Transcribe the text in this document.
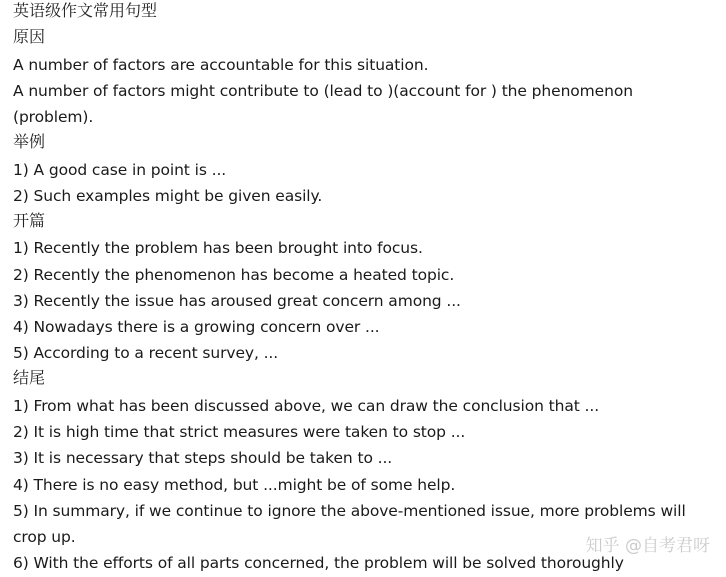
英语级作文常用句型
原因
A number of factors are accountable for this situation.
A number of factors might contribute to (lead to )(account for ) the phenomenon
(problem).
举例
1) A good case in point is ...
2) Such examples might be given easily.
开篇
1) Recently the problem has been brought into focus.
2) Recently the phenomenon has become a heated topic.
3) Recently the issue has aroused great concern among ...
4) Nowadays there is a growing concern over ...
5) According to a recent survey, ...
结尾
1) From what has been discussed above, we can draw the conclusion that ...
2) It is high time that strict measures were taken to stop ...
3) It is necessary that steps should be taken to ...
4) There is no easy method, but ...might be of some help.
5) In summary, if we continue to ignore the above-mentioned issue, more problems will
crop up.
6) With the efforts of all parts concerned, the problem will be solved thoroughly
知乎 @自考君呀
